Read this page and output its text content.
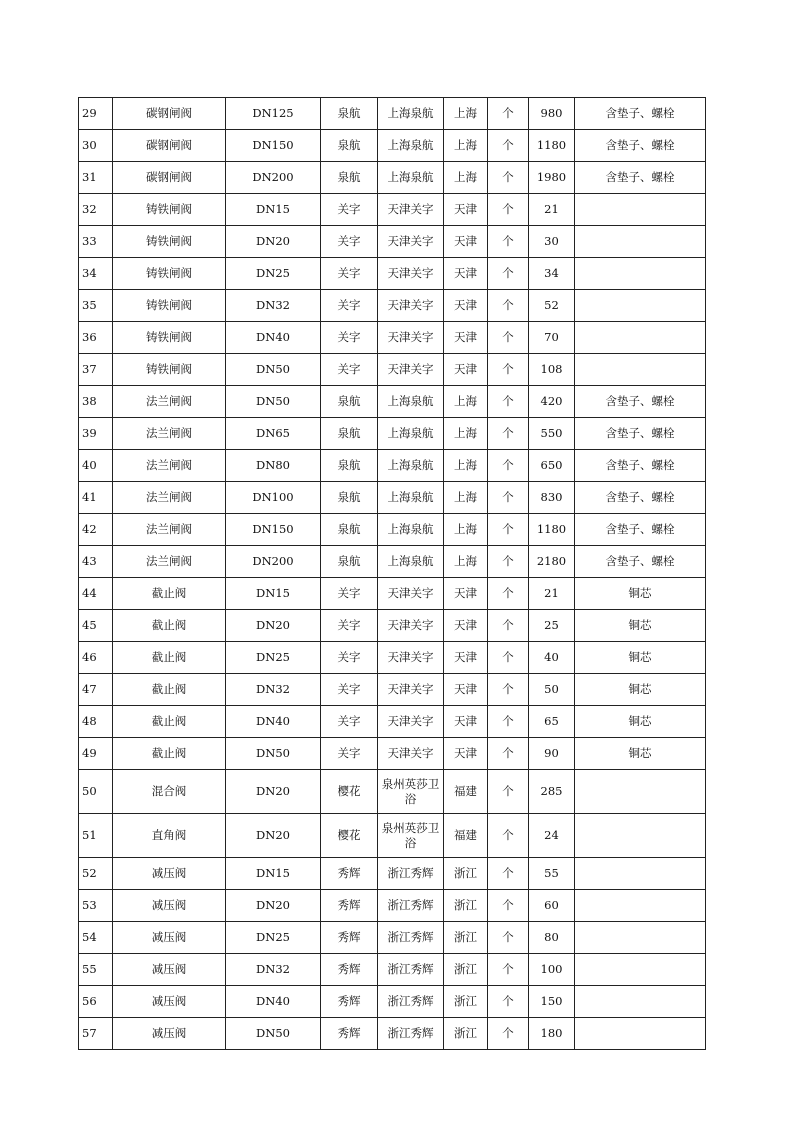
29	碳钢闸阀	DN125	泉航	上海泉航	上海	个	980	含垫子、螺栓
30	碳钢闸阀	DN150	泉航	上海泉航	上海	个	1180	含垫子、螺栓
31	碳钢闸阀	DN200	泉航	上海泉航	上海	个	1980	含垫子、螺栓
32	铸铁闸阀	DN15	关字	天津关字	天津	个	21	
33	铸铁闸阀	DN20	关字	天津关字	天津	个	30	
34	铸铁闸阀	DN25	关字	天津关字	天津	个	34	
35	铸铁闸阀	DN32	关字	天津关字	天津	个	52	
36	铸铁闸阀	DN40	关字	天津关字	天津	个	70	
37	铸铁闸阀	DN50	关字	天津关字	天津	个	108	
38	法兰闸阀	DN50	泉航	上海泉航	上海	个	420	含垫子、螺栓
39	法兰闸阀	DN65	泉航	上海泉航	上海	个	550	含垫子、螺栓
40	法兰闸阀	DN80	泉航	上海泉航	上海	个	650	含垫子、螺栓
41	法兰闸阀	DN100	泉航	上海泉航	上海	个	830	含垫子、螺栓
42	法兰闸阀	DN150	泉航	上海泉航	上海	个	1180	含垫子、螺栓
43	法兰闸阀	DN200	泉航	上海泉航	上海	个	2180	含垫子、螺栓
44	截止阀	DN15	关字	天津关字	天津	个	21	铜芯
45	截止阀	DN20	关字	天津关字	天津	个	25	铜芯
46	截止阀	DN25	关字	天津关字	天津	个	40	铜芯
47	截止阀	DN32	关字	天津关字	天津	个	50	铜芯
48	截止阀	DN40	关字	天津关字	天津	个	65	铜芯
49	截止阀	DN50	关字	天津关字	天津	个	90	铜芯
50	混合阀	DN20	樱花	泉州英莎卫浴	福建	个	285	
51	直角阀	DN20	樱花	泉州英莎卫浴	福建	个	24	
52	减压阀	DN15	秀辉	浙江秀辉	浙江	个	55	
53	减压阀	DN20	秀辉	浙江秀辉	浙江	个	60	
54	减压阀	DN25	秀辉	浙江秀辉	浙江	个	80	
55	减压阀	DN32	秀辉	浙江秀辉	浙江	个	100	
56	减压阀	DN40	秀辉	浙江秀辉	浙江	个	150	
57	减压阀	DN50	秀辉	浙江秀辉	浙江	个	180	
